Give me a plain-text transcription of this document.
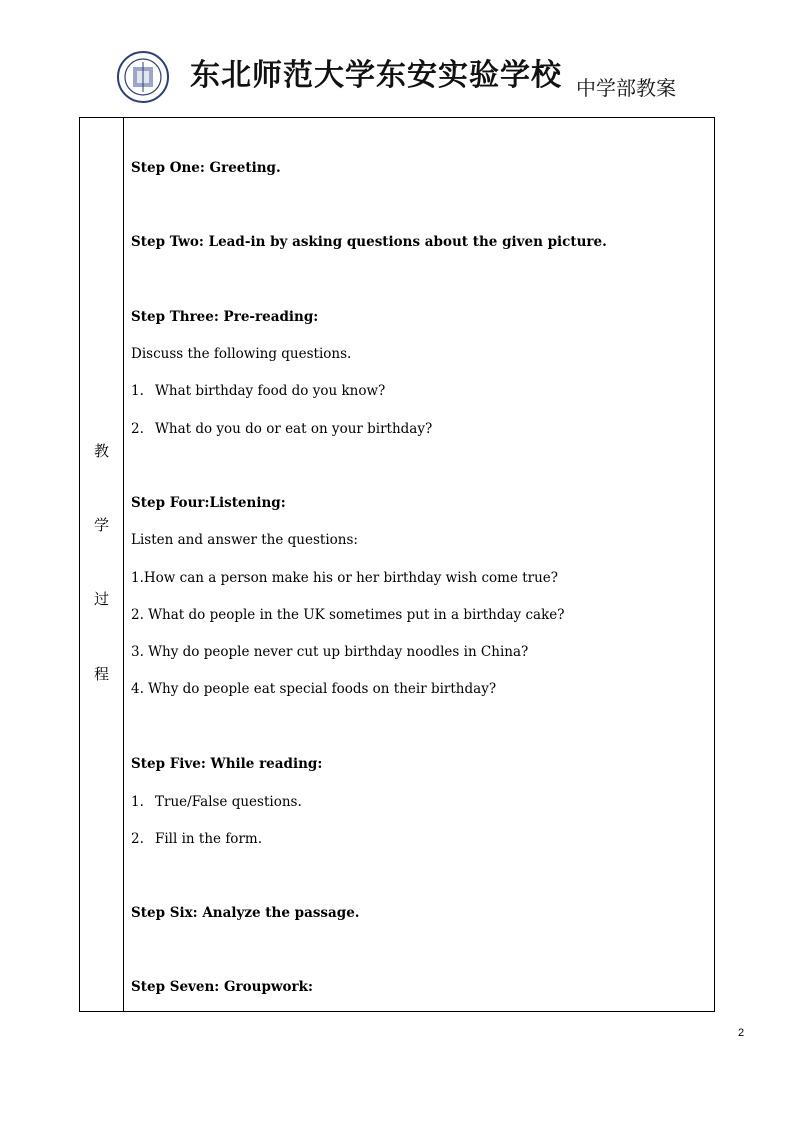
东北师范大学东安实验学校 中学部教案
教
学
过
程
Step One: Greeting.
Step Two: Lead-in by asking questions about the given picture.
Step Three: Pre-reading:
Discuss the following questions.
1. What birthday food do you know?
2. What do you do or eat on your birthday?
Step Four:Listening:
Listen and answer the questions:
1.How can a person make his or her birthday wish come true?
2. What do people in the UK sometimes put in a birthday cake?
3. Why do people never cut up birthday noodles in China?
4. Why do people eat special foods on their birthday?
Step Five: While reading:
1. True/False questions.
2. Fill in the form.
Step Six: Analyze the passage.
Step Seven: Groupwork:
2
